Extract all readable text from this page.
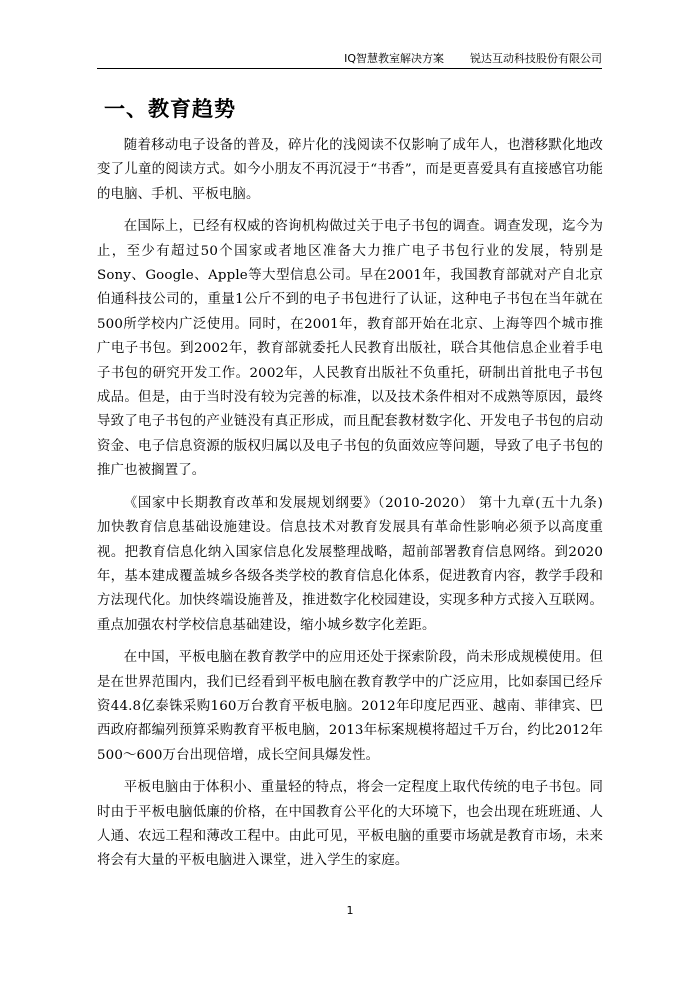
IQ智慧教室解决方案 锐达互动科技股份有限公司
一、教育趋势

随着移动电子设备的普及，碎片化的浅阅读不仅影响了成年人，也潜移默化地改变了儿童的阅读方式。如今小朋友不再沉浸于“书香”，而是更喜爱具有直接感官功能的电脑、手机、平板电脑。

在国际上，已经有权威的咨询机构做过关于电子书包的调查。调查发现，迄今为止，至少有超过50个国家或者地区准备大力推广电子书包行业的发展，特别是Sony、Google、Apple等大型信息公司。早在2001年，我国教育部就对产自北京伯通科技公司的，重量1公斤不到的电子书包进行了认证，这种电子书包在当年就在500所学校内广泛使用。同时，在2001年，教育部开始在北京、上海等四个城市推广电子书包。到2002年，教育部就委托人民教育出版社，联合其他信息企业着手电子书包的研究开发工作。2002年，人民教育出版社不负重托，研制出首批电子书包成品。但是，由于当时没有较为完善的标准，以及技术条件相对不成熟等原因，最终导致了电子书包的产业链没有真正形成，而且配套教材数字化、开发电子书包的启动资金、电子信息资源的版权归属以及电子书包的负面效应等问题，导致了电子书包的推广也被搁置了。

《国家中长期教育改革和发展规划纲要》（2010-2020） 第十九章(五十九条) 加快教育信息基础设施建设。信息技术对教育发展具有革命性影响必须予以高度重视。把教育信息化纳入国家信息化发展整理战略，超前部署教育信息网络。到2020年，基本建成覆盖城乡各级各类学校的教育信息化体系，促进教育内容，教学手段和方法现代化。加快终端设施普及，推进数字化校园建设，实现多种方式接入互联网。重点加强农村学校信息基础建设，缩小城乡数字化差距。

在中国，平板电脑在教育教学中的应用还处于探索阶段，尚未形成规模使用。但是在世界范围内，我们已经看到平板电脑在教育教学中的广泛应用，比如泰国已经斥资44.8亿泰铢采购160万台教育平板电脑。2012年印度尼西亚、越南、菲律宾、巴西政府都编列预算采购教育平板电脑，2013年标案规模将超过千万台，约比2012年500～600万台出现倍增，成长空间具爆发性。

平板电脑由于体积小、重量轻的特点，将会一定程度上取代传统的电子书包。同时由于平板电脑低廉的价格，在中国教育公平化的大环境下，也会出现在班班通、人人通、农远工程和薄改工程中。由此可见，平板电脑的重要市场就是教育市场，未来将会有大量的平板电脑进入课堂，进入学生的家庭。

1
